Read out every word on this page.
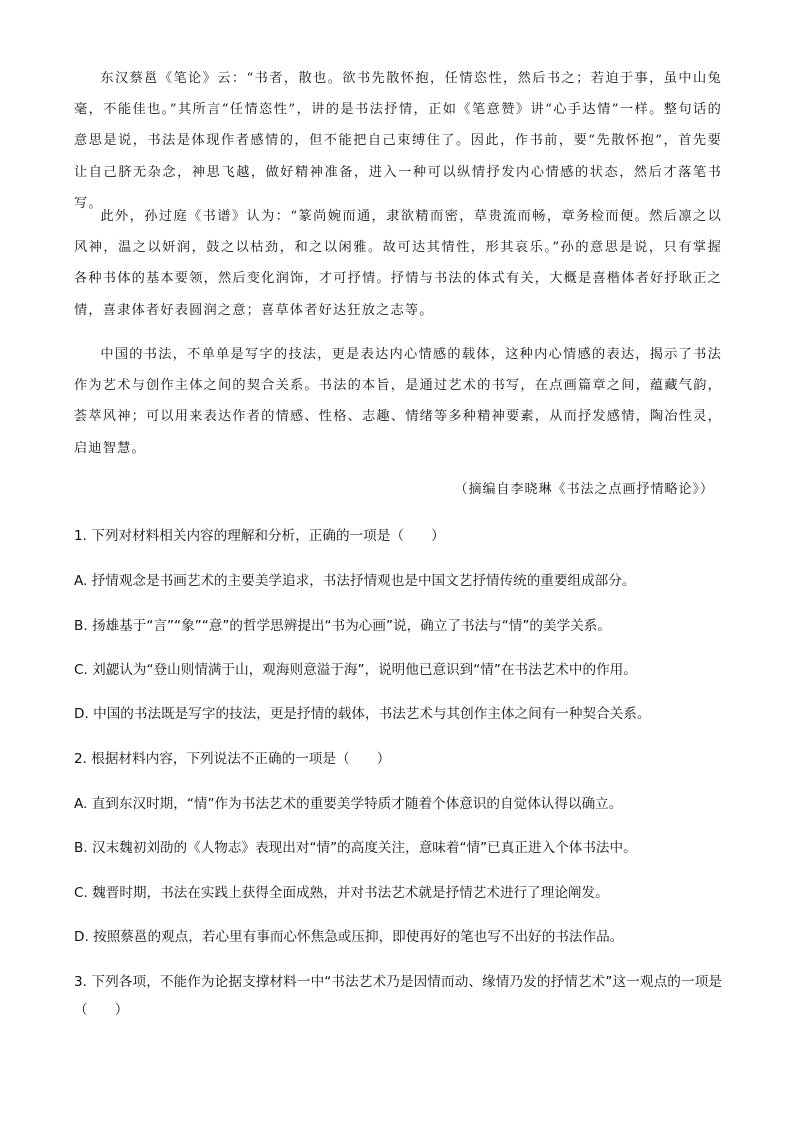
东汉蔡邕《笔论》云：“书者，散也。欲书先散怀抱，任情恣性，然后书之；若迫于事，虽中山兔毫，不能佳也。”其所言“任情恣性”，讲的是书法抒情，正如《笔意赞》讲“心手达情”一样。整句话的意思是说，书法是体现作者感情的，但不能把自己束缚住了。因此，作书前，要“先散怀抱”，首先要让自己脐无杂念，神思飞越，做好精神准备，进入一种可以纵情抒发内心情感的状态，然后才落笔书写。

此外，孙过庭《书谱》认为：“篆尚婉而通，隶欲精而密，草贵流而畅，章务检而便。然后凛之以风神，温之以妍润，鼓之以枯劲，和之以闲雅。故可达其情性，形其哀乐。”孙的意思是说，只有掌握各种书体的基本要领，然后变化润饰，才可抒情。抒情与书法的体式有关，大概是喜楷体者好抒耿正之情，喜隶体者好表圆润之意；喜草体者好达狂放之志等。

中国的书法，不单单是写字的技法，更是表达内心情感的载体，这种内心情感的表达，揭示了书法作为艺术与创作主体之间的契合关系。书法的本旨，是通过艺术的书写，在点画篇章之间，蕴藏气韵，荟萃风神；可以用来表达作者的情感、性格、志趣、情绪等多种精神要素，从而抒发感情，陶冶性灵，启迪智慧。

（摘编自李晓琳《书法之点画抒情略论》）

1. 下列对材料相关内容的理解和分析，正确的一项是（　　）

A. 抒情观念是书画艺术的主要美学追求，书法抒情观也是中国文艺抒情传统的重要组成部分。

B. 扬雄基于“言”“象”“意”的哲学思辨提出“书为心画”说，确立了书法与“情”的美学关系。

C. 刘勰认为“登山则情满于山，观海则意溢于海”，说明他已意识到“情”在书法艺术中的作用。

D. 中国的书法既是写字的技法，更是抒情的载体，书法艺术与其创作主体之间有一种契合关系。

2. 根据材料内容，下列说法不正确的一项是（　　）

A. 直到东汉时期，“情”作为书法艺术的重要美学特质才随着个体意识的自觉体认得以确立。

B. 汉末魏初刘劭的《人物志》表现出对“情”的高度关注，意味着“情”已真正进入个体书法中。

C. 魏晋时期，书法在实践上获得全面成熟，并对书法艺术就是抒情艺术进行了理论阐发。

D. 按照蔡邕的观点，若心里有事而心怀焦急或压抑，即使再好的笔也写不出好的书法作品。

3. 下列各项，不能作为论据支撑材料一中“书法艺术乃是因情而动、缘情乃发的抒情艺术”这一观点的一项是（　　）
